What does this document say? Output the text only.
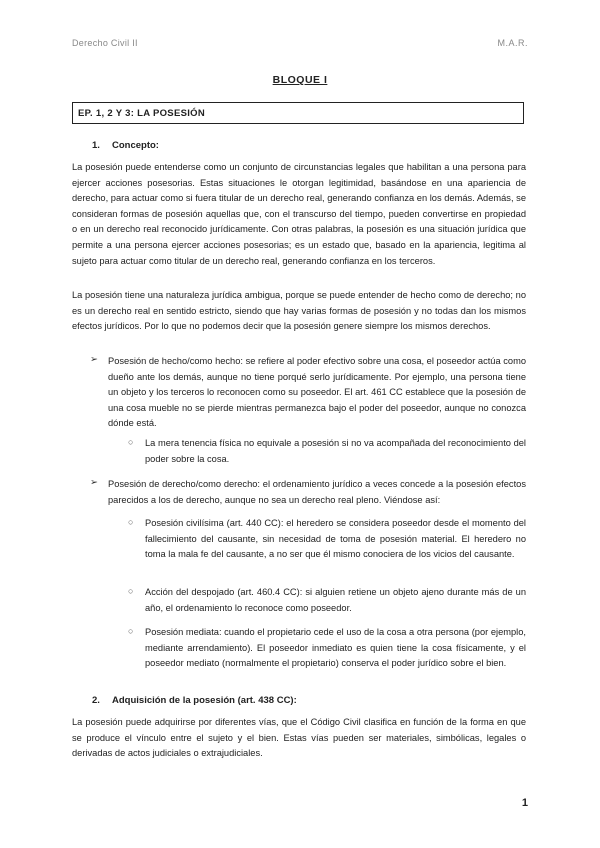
Derecho Civil II	M.A.R.
BLOQUE I
EP. 1, 2 Y 3: LA POSESIÓN
1. Concepto:

La posesión puede entenderse como un conjunto de circunstancias legales que habilitan a una persona para ejercer acciones posesorias. Estas situaciones le otorgan legitimidad, basándose en una apariencia de derecho, para actuar como si fuera titular de un derecho real, generando confianza en los demás. Además, se consideran formas de posesión aquellas que, con el transcurso del tiempo, pueden convertirse en propiedad o en un derecho real reconocido jurídicamente. Con otras palabras, la posesión es una situación jurídica que permite a una persona ejercer acciones posesorias; es un estado que, basado en la apariencia, legitima al sujeto para actuar como titular de un derecho real, generando confianza en los terceros.

La posesión tiene una naturaleza jurídica ambigua, porque se puede entender de hecho como de derecho; no es un derecho real en sentido estricto, siendo que hay varias formas de posesión y no todas dan los mismos efectos jurídicos. Por lo que no podemos decir que la posesión genere siempre los mismos derechos.

➢ Posesión de hecho/como hecho: se refiere al poder efectivo sobre una cosa, el poseedor actúa como dueño ante los demás, aunque no tiene porqué serlo jurídicamente. Por ejemplo, una persona tiene un objeto y los terceros lo reconocen como su poseedor. El art. 461 CC establece que la posesión de una cosa mueble no se pierde mientras permanezca bajo el poder del poseedor, aunque no conozca dónde está.

○ La mera tenencia física no equivale a posesión si no va acompañada del reconocimiento del poder sobre la cosa.

➢ Posesión de derecho/como derecho: el ordenamiento jurídico a veces concede a la posesión efectos parecidos a los de derecho, aunque no sea un derecho real pleno. Viéndose así:

○ Posesión civilísima (art. 440 CC): el heredero se considera poseedor desde el momento del fallecimiento del causante, sin necesidad de toma de posesión material. El heredero no toma la mala fe del causante, a no ser que él mismo conociera de los vicios del causante.

○ Acción del despojado (art. 460.4 CC): si alguien retiene un objeto ajeno durante más de un año, el ordenamiento lo reconoce como poseedor.

○ Posesión mediata: cuando el propietario cede el uso de la cosa a otra persona (por ejemplo, mediante arrendamiento). El poseedor inmediato es quien tiene la cosa físicamente, y el poseedor mediato (normalmente el propietario) conserva el poder jurídico sobre el bien.

2. Adquisición de la posesión (art. 438 CC):

La posesión puede adquirirse por diferentes vías, que el Código Civil clasifica en función de la forma en que se produce el vínculo entre el sujeto y el bien. Estas vías pueden ser materiales, simbólicas, legales o derivadas de actos judiciales o extrajudiciales.

1
